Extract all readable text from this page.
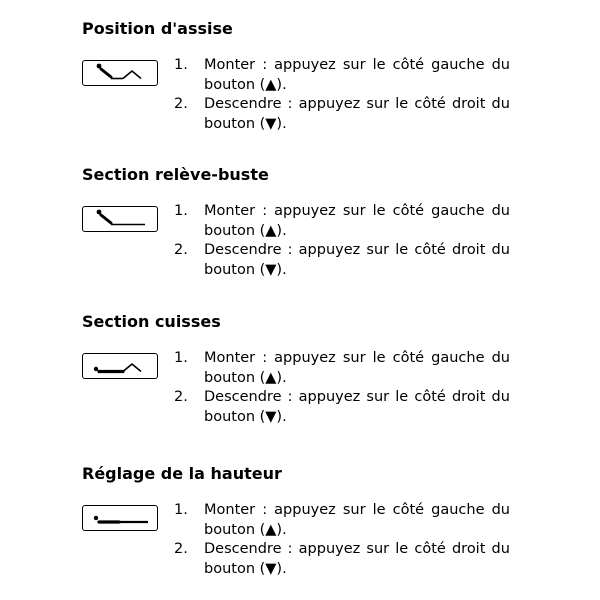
Position d'assise
1. Monter : appuyez sur le côté gauche du
bouton (▲).
2. Descendre : appuyez sur le côté droit du
bouton (▼).
Section relève-buste
1. Monter : appuyez sur le côté gauche du
bouton (▲).
2. Descendre : appuyez sur le côté droit du
bouton (▼).
Section cuisses
1. Monter : appuyez sur le côté gauche du
bouton (▲).
2. Descendre : appuyez sur le côté droit du
bouton (▼).
Réglage de la hauteur
1. Monter : appuyez sur le côté gauche du
bouton (▲).
2. Descendre : appuyez sur le côté droit du
bouton (▼).
